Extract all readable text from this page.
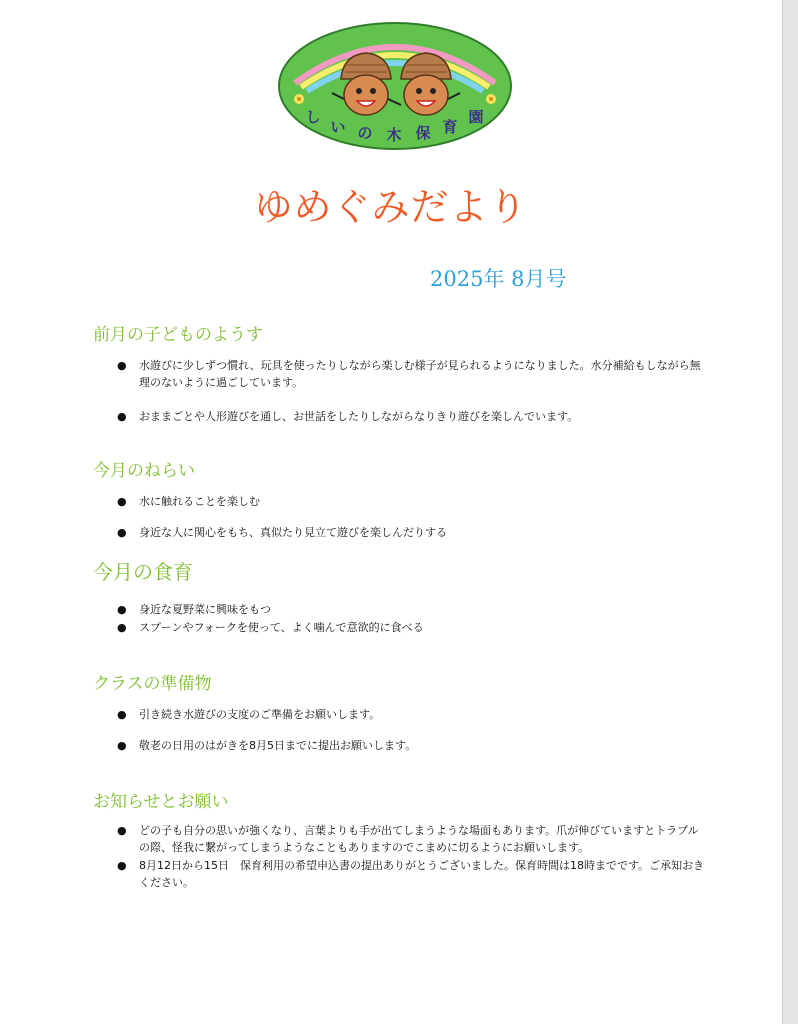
し
い の 木 保 育
園
ゆめぐみだより
2025年 8月号
前月の子どものようす
●	水遊びに少しずつ慣れ、玩具を使ったりしながら楽しむ様子が見られるようになりました。水分補給もしながら無理のないように過ごしています。
●	おままごとや人形遊びを通し、お世話をしたりしながらなりきり遊びを楽しんでいます。
今月のねらい
●	水に触れることを楽しむ
●	身近な人に関心をもち、真似たり見立て遊びを楽しんだりする
今月の食育
●	身近な夏野菜に興味をもつ
●	スプーンやフォークを使って、よく噛んで意欲的に食べる
クラスの準備物
●	引き続き水遊びの支度のご準備をお願いします。
●	敬老の日用のはがきを8月5日までに提出お願いします。
お知らせとお願い
●	どの子も自分の思いが強くなり、言葉よりも手が出てしまうような場面もあります。爪が伸びていますとトラブルの際、怪我に繋がってしまうようなこともありますのでこまめに切るようにお願いします。
●	8月12日から15日　保育利用の希望申込書の提出ありがとうございました。保育時間は18時までです。ご承知おきください。
